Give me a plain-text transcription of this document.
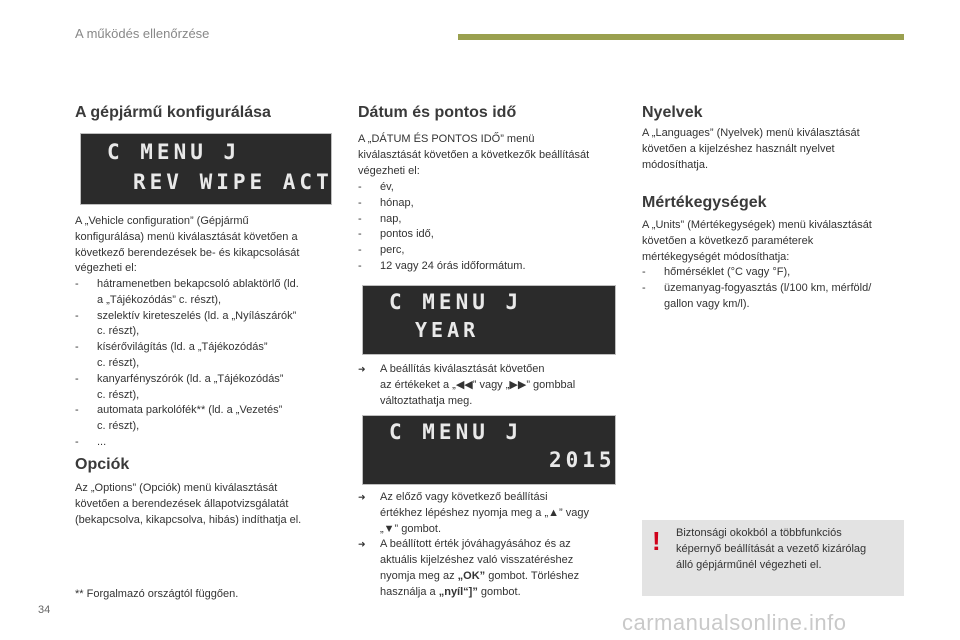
A működés ellenőrzése
A gépjármű konfigurálása
C MENU J
REV WIPE ACT
A „Vehicle configuration” (Gépjármű
konfigurálása) menü kiválasztását követően a
következő berendezések be- és kikapcsolását
végezheti el:
- hátramenetben bekapcsoló ablaktörlő (ld.
a „Tájékozódás” c. részt),
- szelektív kireteszelés (ld. a „Nyílászárók”
c. részt),
- kísérővilágítás (ld. a „Tájékozódás”
c. részt),
- kanyarfényszórók (ld. a „Tájékozódás”
c. részt),
- automata parkolófék** (ld. a „Vezetés”
c. részt),
- ...
Opciók
Az „Options” (Opciók) menü kiválasztását
követően a berendezések állapotvizsgálatát
(bekapcsolva, kikapcsolva, hibás) indíthatja el.
** Forgalmazó országtól függően.
Dátum és pontos idő
A „DÁTUM ÉS PONTOS IDŐ” menü
kiválasztását követően a következők beállítását
végezheti el:
- év,
- hónap,
- nap,
- pontos idő,
- perc,
- 12 vagy 24 órás időformátum.
C MENU J
YEAR
➜ A beállítás kiválasztását követően
az értékeket a „◀◀” vagy „▶▶” gombbal
változtathatja meg.
C MENU J
2015
➜ Az előző vagy következő beállítási
értékhez lépéshez nyomja meg a „▲” vagy
„▼” gombot.
➜ A beállított érték jóváhagyásához és az
aktuális kijelzéshez való visszatéréshez
nyomja meg az „OK” gombot. Törléshez
használja a „nyíl“]” gombot.
Nyelvek
A „Languages” (Nyelvek) menü kiválasztását
követően a kijelzéshez használt nyelvet
módosíthatja.
Mértékegységek
A „Units” (Mértékegységek) menü kiválasztását
követően a következő paraméterek
mértékegységét módosíthatja:
- hőmérséklet (°C vagy °F),
- üzemanyag-fogyasztás (l/100 km, mérföld/
gallon vagy km/l).
! Biztonsági okokból a többfunkciós
képernyő beállítását a vezető kizárólag
álló gépjárműnél végezheti el.
34	carmanualsonline.info
